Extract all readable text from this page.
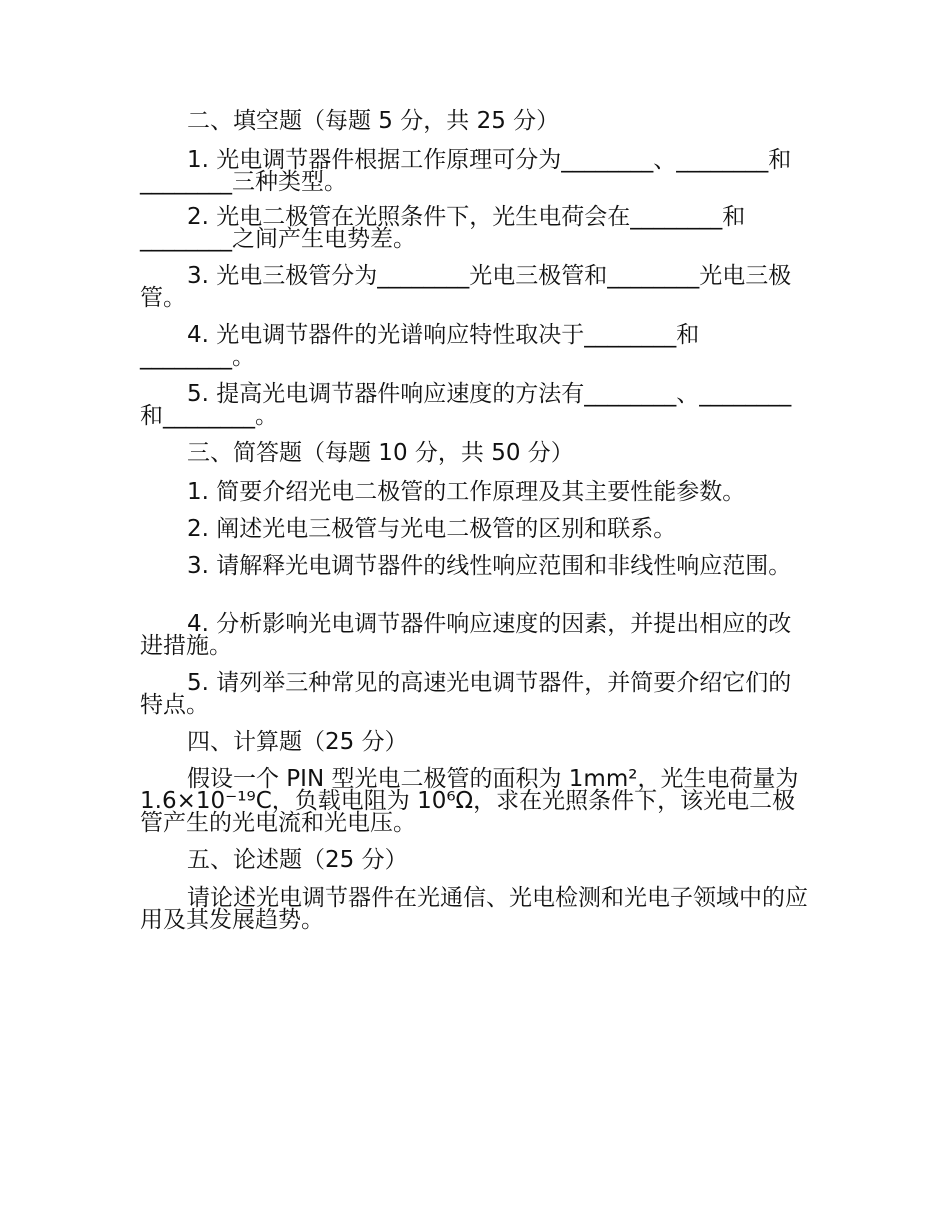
二、填空题（每题 5 分，共 25 分）
1. 光电调节器件根据工作原理可分为________、________和________三种类型。
2. 光电二极管在光照条件下，光生电荷会在________和________之间产生电势差。
3. 光电三极管分为________光电三极管和________光电三极管。
4. 光电调节器件的光谱响应特性取决于________和________。
5. 提高光电调节器件响应速度的方法有________、________和________。
三、简答题（每题 10 分，共 50 分）
1. 简要介绍光电二极管的工作原理及其主要性能参数。
2. 阐述光电三极管与光电二极管的区别和联系。
3. 请解释光电调节器件的线性响应范围和非线性响应范围。
4. 分析影响光电调节器件响应速度的因素，并提出相应的改进措施。
5. 请列举三种常见的高速光电调节器件，并简要介绍它们的特点。
四、计算题（25 分）
假设一个 PIN 型光电二极管的面积为 1mm²，光生电荷量为 1.6×10⁻¹⁹C，负载电阻为 10⁶Ω，求在光照条件下，该光电二极管产生的光电流和光电压。
五、论述题（25 分）
请论述光电调节器件在光通信、光电检测和光电子领域中的应用及其发展趋势。
